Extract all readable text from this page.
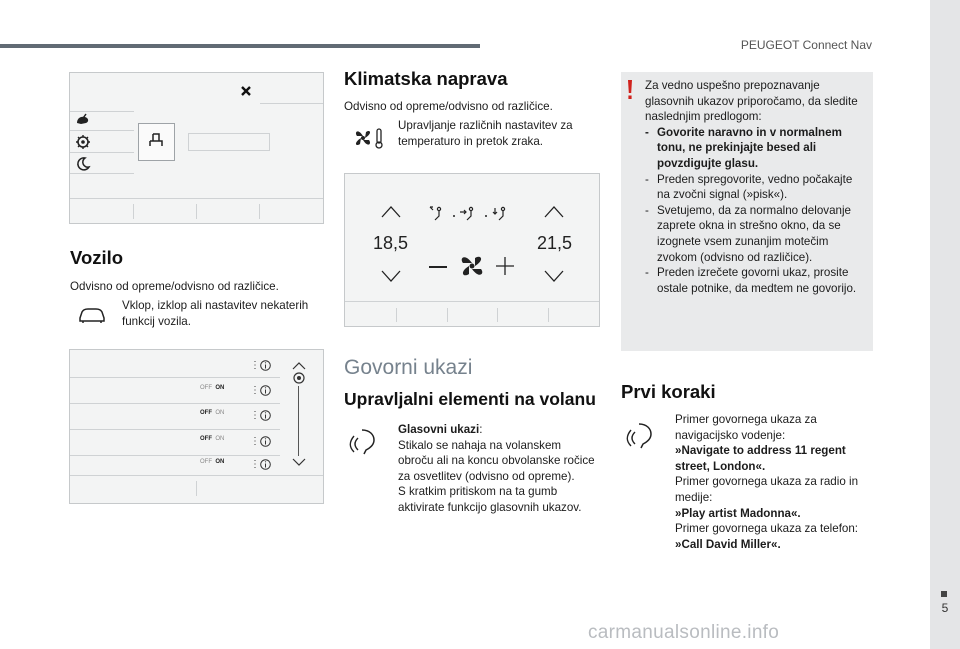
PEUGEOT Connect Nav
5
Vozilo
Odvisno od opreme/odvisno od različice.
Vklop, izklop ali nastavitev nekaterih funkcij vozila.
⋮
OFF ON	⋮
OFF ON	⋮
OFF ON	⋮
OFF ON	⋮
Klimatska naprava
Odvisno od opreme/odvisno od različice.
Upravljanje različnih nastavitev za temperaturo in pretok zraka.
18,5	21,5
Govorni ukazi
Upravljalni elementi na volanu
Glasovni ukazi:
Stikalo se nahaja na volanskem
obroču ali na koncu obvolanske ročice
za osvetlitev (odvisno od opreme).
S kratkim pritiskom na ta gumb
aktivirate funkcijo glasovnih ukazov.
Za vedno uspešno prepoznavanje
glasovnih ukazov priporočamo, da sledite
naslednjim predlogom:
- Govorite naravno in v normalnem
tonu, ne prekinjajte besed ali
povzdigujte glasu.
- Preden spregovorite, vedno počakajte
na zvočni signal (»pisk«).
- Svetujemo, da za normalno delovanje
zaprete okna in strešno okno, da se
izognete vsem zunanjim motečim
zvokom (odvisno od različice).
- Preden izrečete govorni ukaz, prosite
ostale potnike, da medtem ne govorijo.
Prvi koraki
Primer govornega ukaza za
navigacijsko vodenje:
»Navigate to address 11 regent
street, London«.
Primer govornega ukaza za radio in
medije:
»Play artist Madonna«.
Primer govornega ukaza za telefon:
»Call David Miller«.
carmanualsonline.info
